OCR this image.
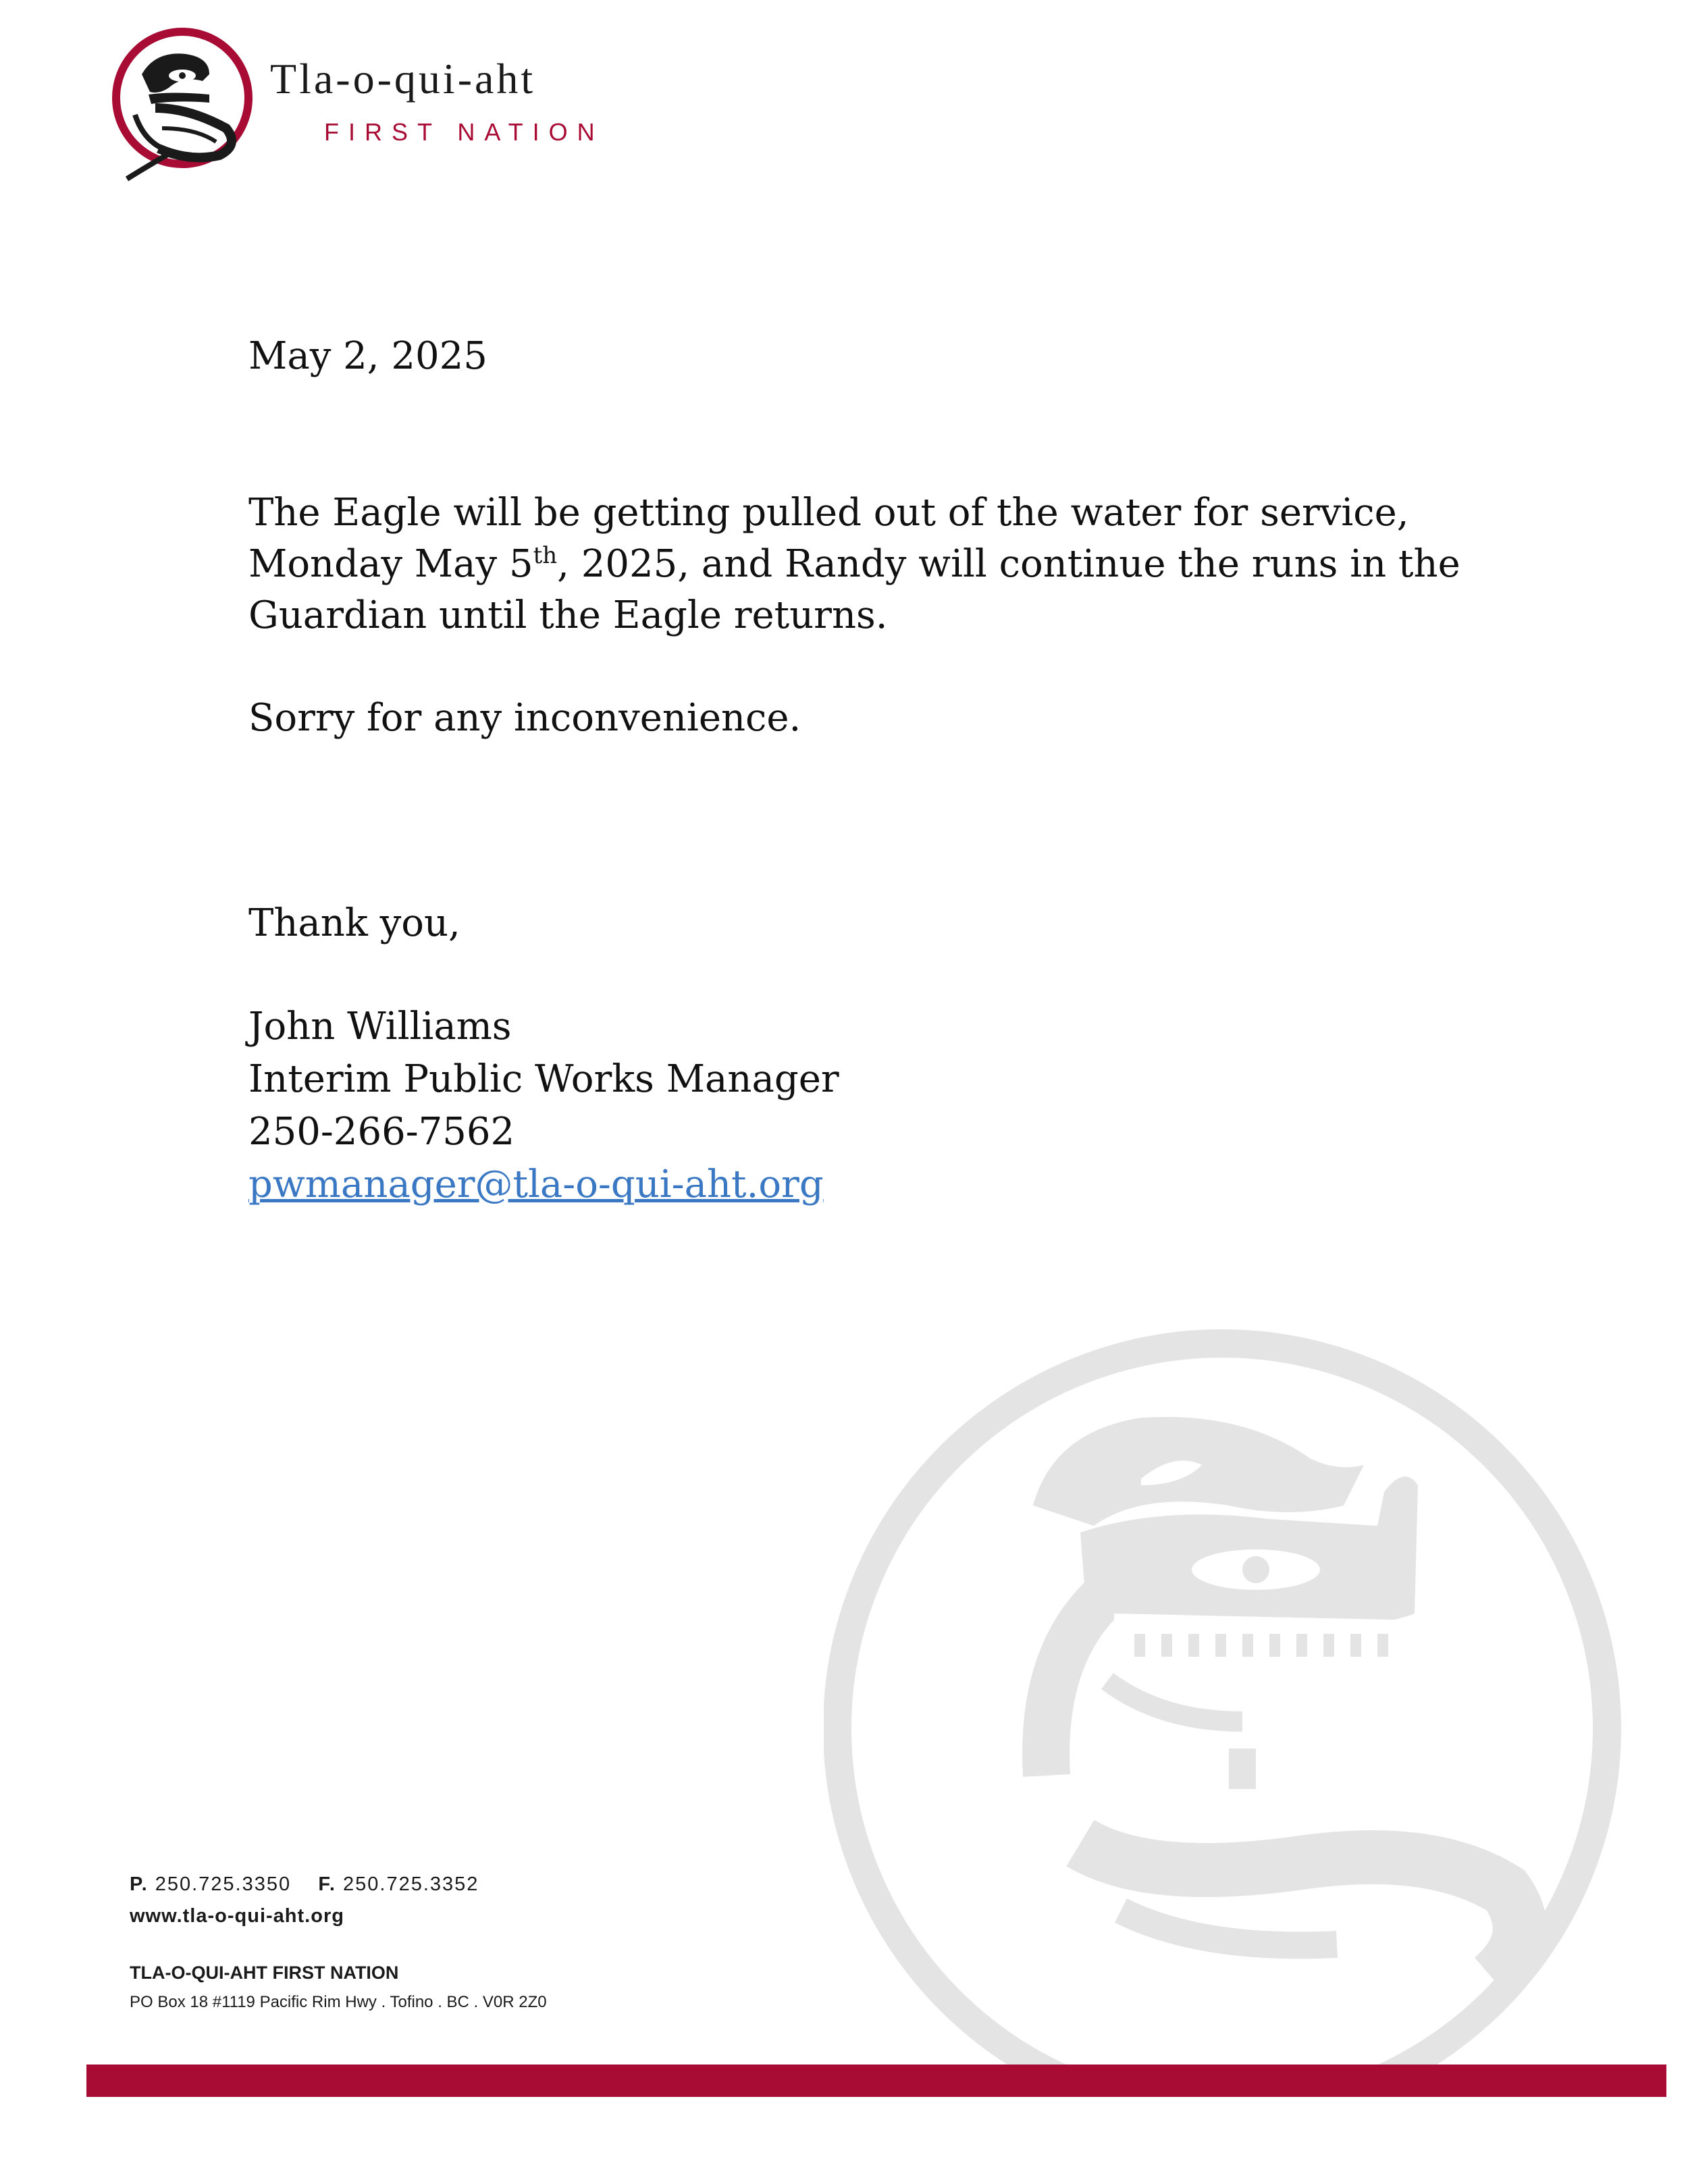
Tla-o-qui-aht
FIRST NATION

May 2, 2025

The Eagle will be getting pulled out of the water for service,

Monday May 5th, 2025, and Randy will continue the runs in the

Guardian until the Eagle returns.

Sorry for any inconvenience.

Thank you,

John Williams

Interim Public Works Manager

250-266-7562

pwmanager@tla-o-qui-aht.org

P. 250.725.3350 F. 250.725.3352

www.tla-o-qui-aht.org

TLA-O-QUI-AHT FIRST NATION

PO Box 18 #1119 Pacific Rim Hwy . Tofino . BC . V0R 2Z0
